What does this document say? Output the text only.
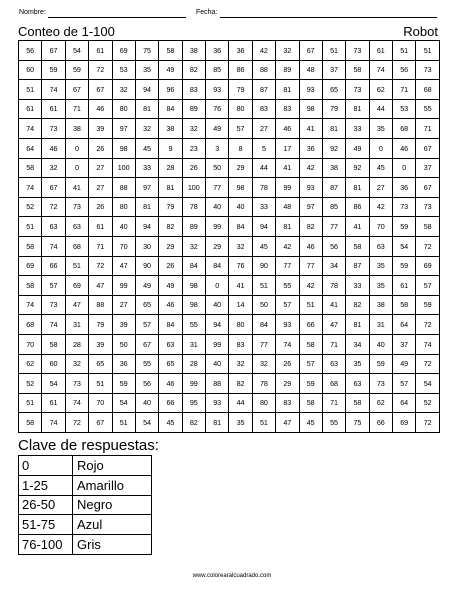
Nombre:	Fecha:
Conteo de 1-100	Robot
56	67	54	61	69	75	58	38	36	36	42	32	67	51	73	61	51	51
60	59	59	72	53	35	49	82	85	86	88	89	48	37	58	74	56	73
51	74	67	67	32	94	96	83	93	79	87	81	93	65	73	62	71	68
61	61	71	46	80	81	84	89	76	80	83	83	98	79	81	44	53	55
74	73	38	39	97	32	38	32	49	57	27	46	41	81	33	35	68	71
64	46	0	26	98	45	9	23	3	8	5	17	36	92	49	0	46	67
58	32	0	27	100	33	28	26	50	29	44	41	42	38	92	45	0	37
74	67	41	27	88	97	81	100	77	98	78	99	93	87	81	27	36	67
52	72	73	26	80	81	79	78	40	40	33	48	97	85	86	42	73	73
51	63	63	61	40	94	82	89	99	84	94	81	82	77	41	70	59	58
58	74	68	71	70	30	29	32	29	32	45	42	46	56	58	63	54	72
69	66	51	72	47	90	26	84	84	76	90	77	77	34	87	35	59	69
58	57	69	47	99	49	49	98	0	41	51	55	42	78	33	35	61	57
74	73	47	88	27	65	46	98	40	14	50	57	51	41	82	38	58	59
68	74	31	79	39	57	84	55	94	80	84	93	66	47	81	31	64	72
70	58	28	39	50	67	63	31	99	83	77	74	58	71	34	40	37	74
62	60	32	65	36	55	65	28	40	32	32	26	57	63	35	59	49	72
52	54	73	51	59	56	46	99	88	82	78	29	59	68	63	73	57	54
51	61	74	70	54	40	66	95	93	44	80	83	58	71	58	62	64	52
58	74	72	67	51	54	45	82	81	35	51	47	45	55	75	66	69	72
Clave de respuestas:
0	Rojo
1-25	Amarillo
26-50	Negro
51-75	Azul
76-100	Gris
www.colorearalcuadrado.com
